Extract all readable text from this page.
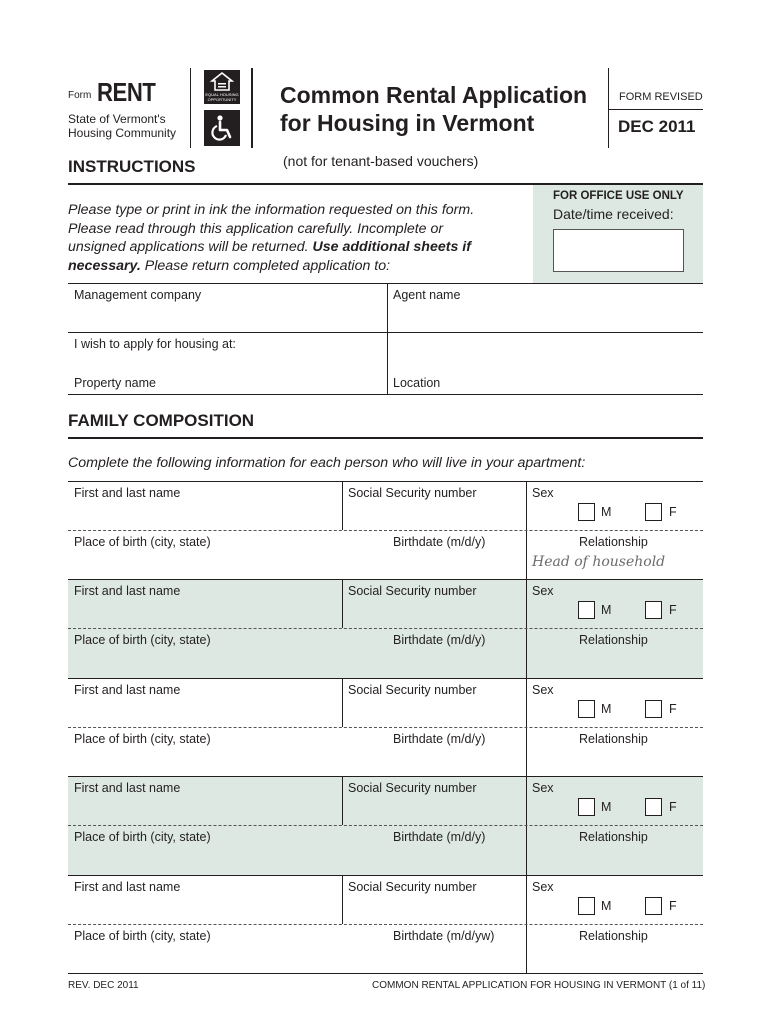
Form RENT
State of Vermont's
Housing Community
EQUAL HOUSING
OPPORTUNITY Common Rental Application
for Housing in Vermont
FORM REVISED
DEC 2011
INSTRUCTIONS	(not for tenant-based vouchers)
FOR OFFICE USE ONLY
Date/time received:
Please type or print in ink the information requested on this form.
Please read through this application carefully. Incomplete or
unsigned applications will be returned. Use additional sheets if
necessary. Please return completed application to:
Management company	Agent name
I wish to apply for housing at:
Property name	Location
FAMILY COMPOSITION
Complete the following information for each person who will live in your apartment:
First and last name	Social Security number	Sex
M	F
Place of birth (city, state)	Birthdate (m/d/y)	Relationship
Head of household
First and last name	Social Security number	Sex
M	F
Place of birth (city, state)	Birthdate (m/d/y)	Relationship
First and last name	Social Security number	Sex
M	F
Place of birth (city, state)	Birthdate (m/d/y)	Relationship
First and last name	Social Security number	Sex
M	F
Place of birth (city, state)	Birthdate (m/d/y)	Relationship
First and last name	Social Security number	Sex
M	F
Place of birth (city, state)	Birthdate (m/d/yw)	Relationship
REV. DEC 2011	COMMON RENTAL APPLICATION FOR HOUSING IN VERMONT (1 of 11)
